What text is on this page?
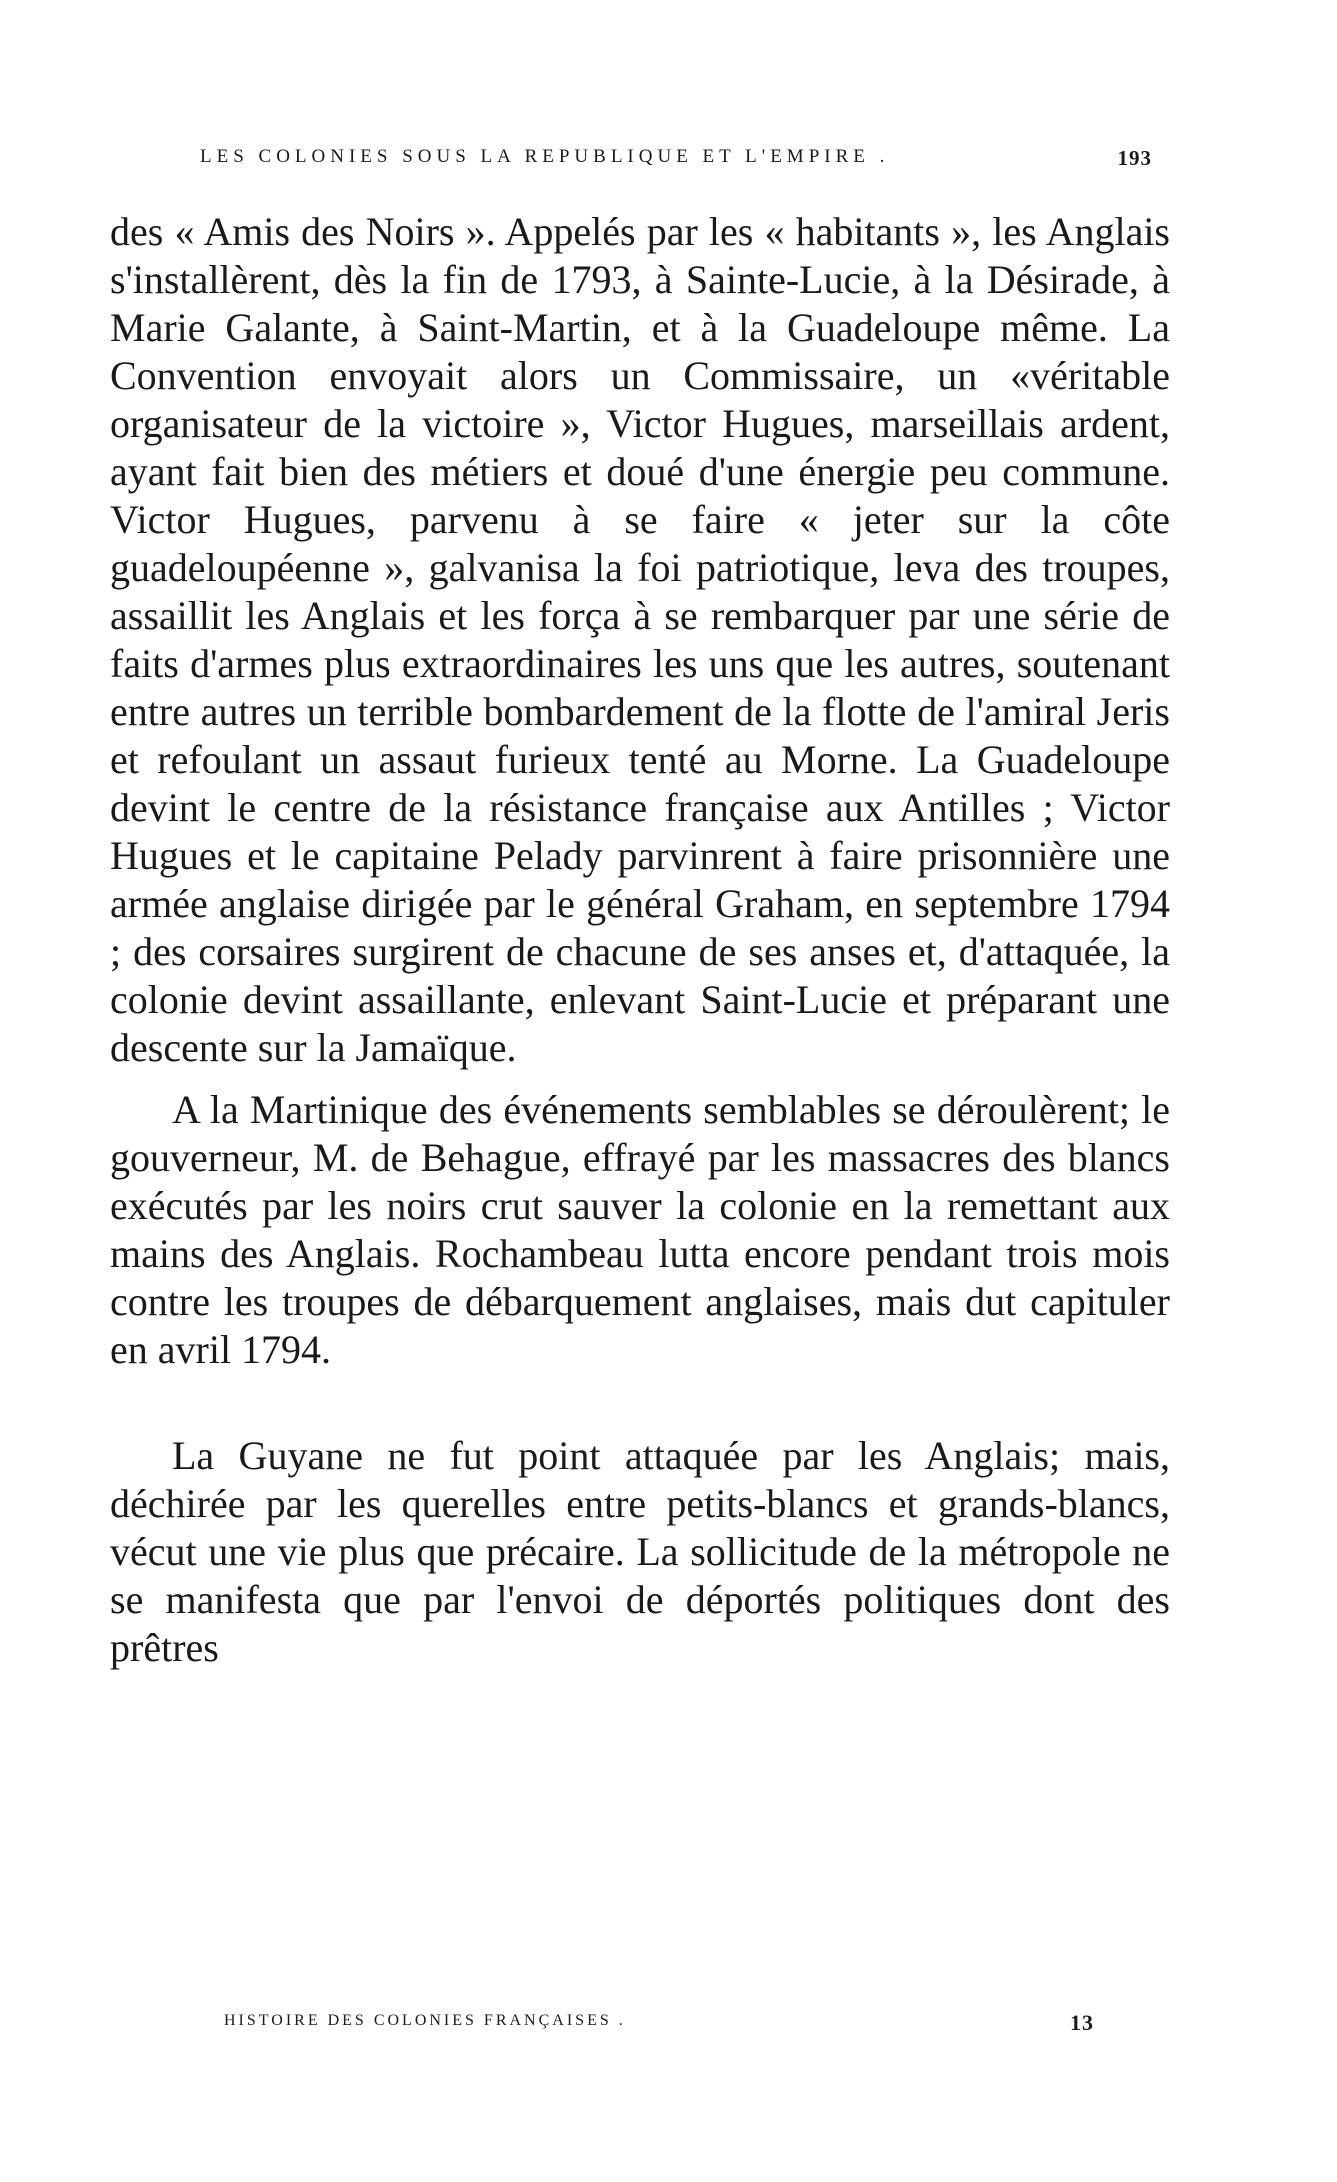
LES COLONIES SOUS LA REPUBLIQUE ET L'EMPIRE .	193

des « Amis des Noirs ». Appelés par les « habitants », les Anglais s'installèrent, dès la fin de 1793, à Sainte-Lucie, à la Désirade, à Marie Galante, à Saint-Martin, et à la Guadeloupe même. La Convention envoyait alors un Commissaire, un «véritable organisateur de la victoire », Victor Hugues, marseillais ardent, ayant fait bien des métiers et doué d'une énergie peu commune. Victor Hugues, parvenu à se faire « jeter sur la côte guadeloupéenne », galvanisa la foi patriotique, leva des troupes, assaillit les Anglais et les força à se rembarquer par une série de faits d'armes plus extraordinaires les uns que les autres, soutenant entre autres un terrible bombardement de la flotte de l'amiral Jeris et refoulant un assaut furieux tenté au Morne. La Guadeloupe devint le centre de la résistance française aux Antilles ; Victor Hugues et le capitaine Pelady parvinrent à faire prisonnière une armée anglaise dirigée par le général Graham, en septembre 1794 ; des corsaires surgirent de chacune de ses anses et, d'attaquée, la colonie devint assaillante, enlevant Saint-Lucie et préparant une descente sur la Jamaïque.

A la Martinique des événements semblables se déroulèrent; le gouverneur, M. de Behague, effrayé par les massacres des blancs exécutés par les noirs crut sauver la colonie en la remettant aux mains des Anglais. Rochambeau lutta encore pendant trois mois contre les troupes de débarquement anglaises, mais dut capituler en avril 1794.

La Guyane ne fut point attaquée par les Anglais; mais, déchirée par les querelles entre petits-blancs et grands-blancs, vécut une vie plus que précaire. La sollicitude de la métropole ne se manifesta que par l'envoi de déportés politiques dont des prêtres

HISTOIRE DES COLONIES FRANÇAISES .	13
